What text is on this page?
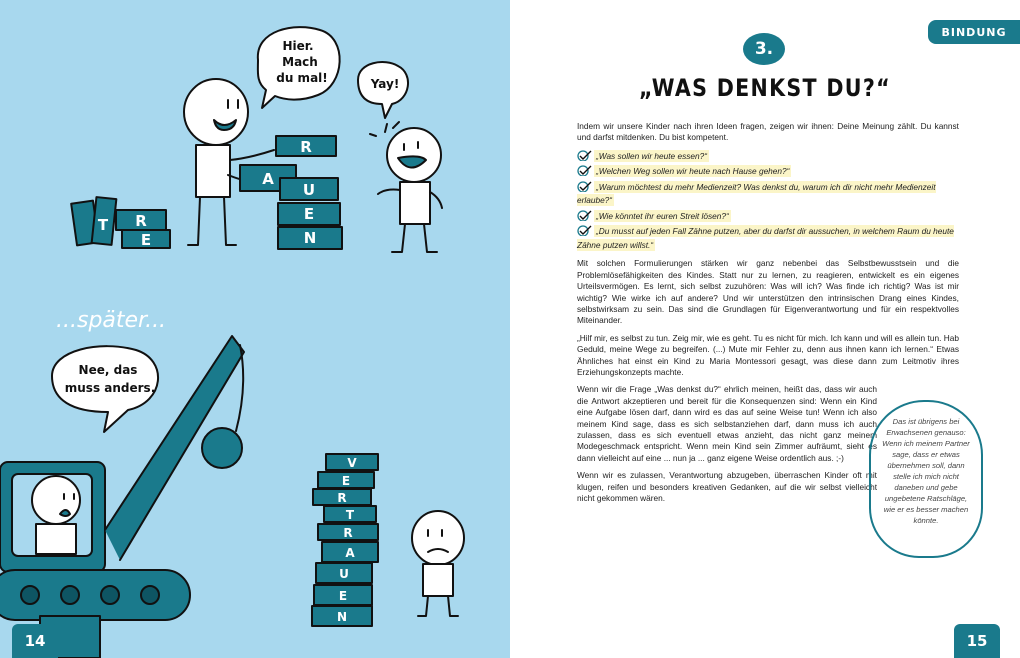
R
A
U
E
N
T R
E
V
E
R
T
R
A
U
E
N
Hier.
Mach
du mal!	Yay!
Nee, das
muss anders.
...später...
14
BINDUNG
3.
„WAS DENKST DU?“

Indem wir unsere Kinder nach ihren Ideen fragen, zeigen wir ihnen: Deine Meinung zählt. Du kannst und darfst mitdenken. Du bist kompetent.

„Was sollen wir heute essen?“
„Welchen Weg sollen wir heute nach Hause gehen?“
„Warum möchtest du mehr Medienzeit? Was denkst du, warum ich dir nicht mehr Medienzeit erlaube?“
„Wie könntet ihr euren Streit lösen?“
„Du musst auf jeden Fall Zähne putzen, aber du darfst dir aussuchen, in welchem Raum du heute Zähne putzen willst.“

Mit solchen Formulierungen stärken wir ganz nebenbei das Selbstbewusstsein und die Problemlösefähigkeiten des Kindes. Statt nur zu lernen, zu reagieren, entwickelt es ein eigenes Urteilsvermögen. Es lernt, sich selbst zuzuhören: Was will ich? Was finde ich richtig? Was ist mir wichtig? Wie wirke ich auf andere? Und wir unterstützen den intrinsischen Drang eines Kindes, selbstwirksam zu sein. Das sind die Grundlagen für Eigenverantwortung und für ein respektvolles Miteinander.

„Hilf mir, es selbst zu tun. Zeig mir, wie es geht. Tu es nicht für mich. Ich kann und will es allein tun. Hab Geduld, meine Wege zu begreifen. (...) Mute mir Fehler zu, denn aus ihnen kann ich lernen.“ Etwas Ähnliches hat einst ein Kind zu Maria Montessori gesagt, was diese dann zum Leitmotiv ihres Erziehungskonzepts machte.

Wenn wir die Frage „Was denkst du?“ ehrlich meinen, heißt das, dass wir auch die Antwort akzeptieren und bereit für die Konsequenzen sind: Wenn ein Kind eine Aufgabe lösen darf, dann wird es das auf seine Weise tun! Wenn ich also meinem Kind sage, dass es sich selbstanziehen darf, dann muss ich auch zulassen, dass es sich eventuell etwas anzieht, das nicht ganz meinem Modegeschmack entspricht. Wenn mein Kind sein Zimmer aufräumt, sieht es dann vielleicht auf eine ... nun ja ... ganz eigene Weise ordentlich aus. ;-)

Wenn wir es zulassen, Verantwortung abzugeben, überraschen Kinder oft mit klugen, reifen und besonders kreativen Gedanken, auf die wir selbst vielleicht nicht gekommen wären.

Das ist übrigens bei Erwachsenen genauso: Wenn ich meinem Partner sage, dass er etwas übernehmen soll, dann stelle ich mich nicht daneben und gebe ungebetene Ratschläge, wie er es besser machen könnte.
15
